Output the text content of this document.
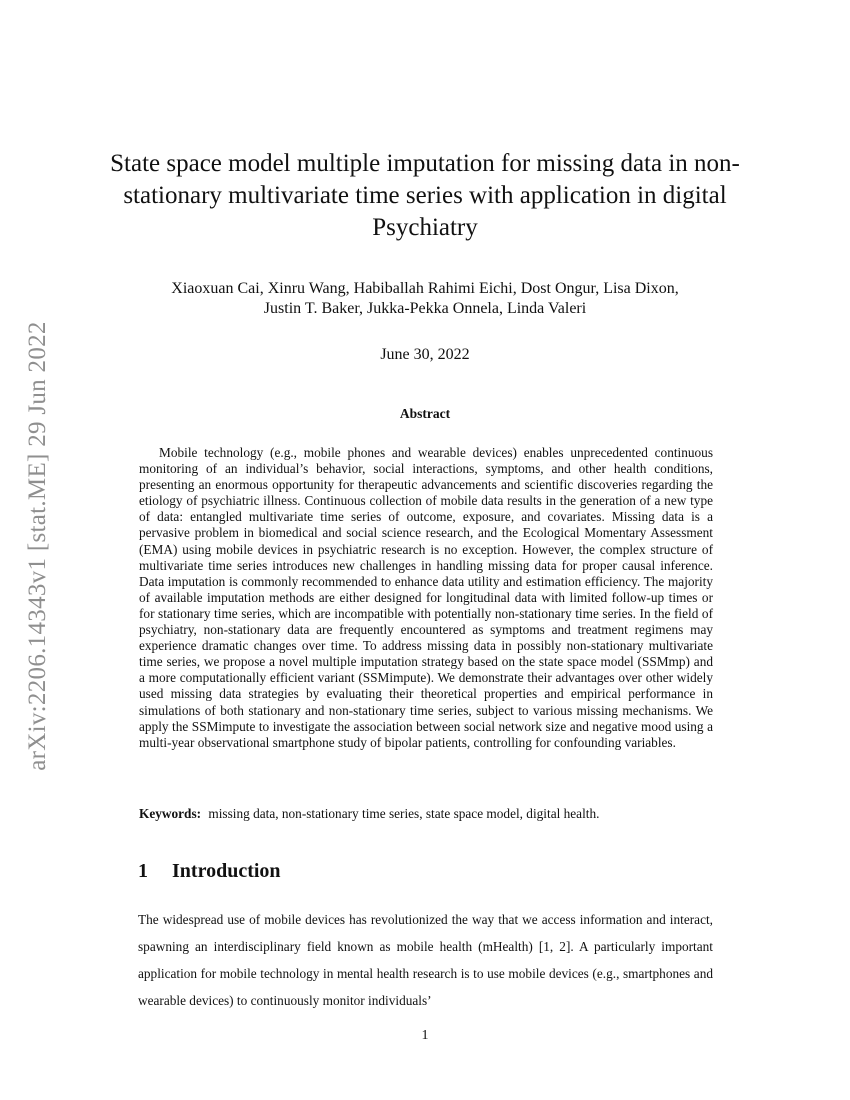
arXiv:2206.14343v1 [stat.ME] 29 Jun 2022
State space model multiple imputation for missing data in non-stationary multivariate time series with application in digital Psychiatry
Xiaoxuan Cai, Xinru Wang, Habiballah Rahimi Eichi, Dost Ongur, Lisa Dixon,
Justin T. Baker, Jukka-Pekka Onnela, Linda Valeri
June 30, 2022
Abstract

Mobile technology (e.g., mobile phones and wearable devices) enables unprecedented continuous monitoring of an individual’s behavior, social interactions, symptoms, and other health conditions, presenting an enormous opportunity for therapeutic advancements and scientific discoveries regarding the etiology of psychiatric illness. Continuous collection of mobile data results in the generation of a new type of data: entangled multivariate time series of outcome, exposure, and covariates. Missing data is a pervasive problem in biomedical and social science research, and the Ecological Momentary Assessment (EMA) using mobile devices in psychiatric research is no exception. However, the complex structure of multivariate time series introduces new challenges in handling missing data for proper causal inference. Data imputation is commonly recommended to enhance data utility and estimation efficiency. The majority of available imputation methods are either designed for longitudinal data with limited follow-up times or for stationary time series, which are incompatible with potentially non-stationary time series. In the field of psychiatry, non-stationary data are frequently encountered as symptoms and treatment regimens may experience dramatic changes over time. To address missing data in possibly non-stationary multivariate time series, we propose a novel multiple imputation strategy based on the state space model (SSMmp) and a more computationally efficient variant (SSMimpute). We demonstrate their advantages over other widely used missing data strategies by evaluating their theoretical properties and empirical performance in simulations of both stationary and non-stationary time series, subject to various missing mechanisms. We apply the SSMimpute to investigate the association between social network size and negative mood using a multi-year observational smartphone study of bipolar patients, controlling for confounding variables.

Keywords: missing data, non-stationary time series, state space model, digital health.
1 Introduction

The widespread use of mobile devices has revolutionized the way that we access information and interact, spawning an interdisciplinary field known as mobile health (mHealth) [1, 2]. A particularly important application for mobile technology in mental health research is to use mobile devices (e.g., smartphones and wearable devices) to continuously monitor individuals’

1
